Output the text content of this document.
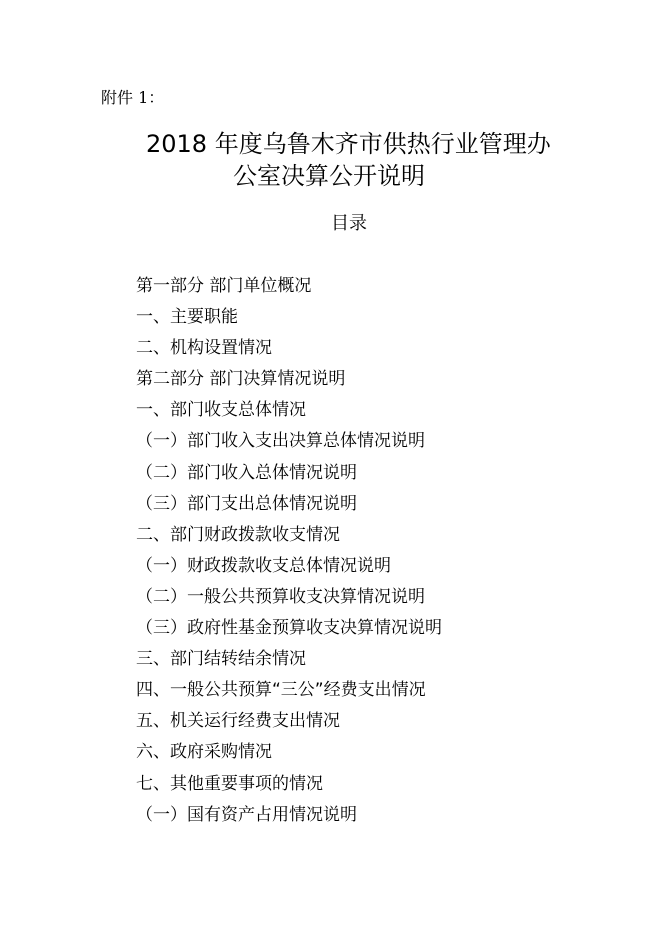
附件 1：
2018 年度乌鲁木齐市供热行业管理办
公室决算公开说明
目录
第一部分 部门单位概况
一、主要职能
二、机构设置情况
第二部分 部门决算情况说明
一、部门收支总体情况
（一）部门收入支出决算总体情况说明
（二）部门收入总体情况说明
（三）部门支出总体情况说明
二、部门财政拨款收支情况
（一）财政拨款收支总体情况说明
（二）一般公共预算收支决算情况说明
（三）政府性基金预算收支决算情况说明
三、部门结转结余情况
四、一般公共预算“三公”经费支出情况
五、机关运行经费支出情况
六、政府采购情况
七、其他重要事项的情况
（一）国有资产占用情况说明
